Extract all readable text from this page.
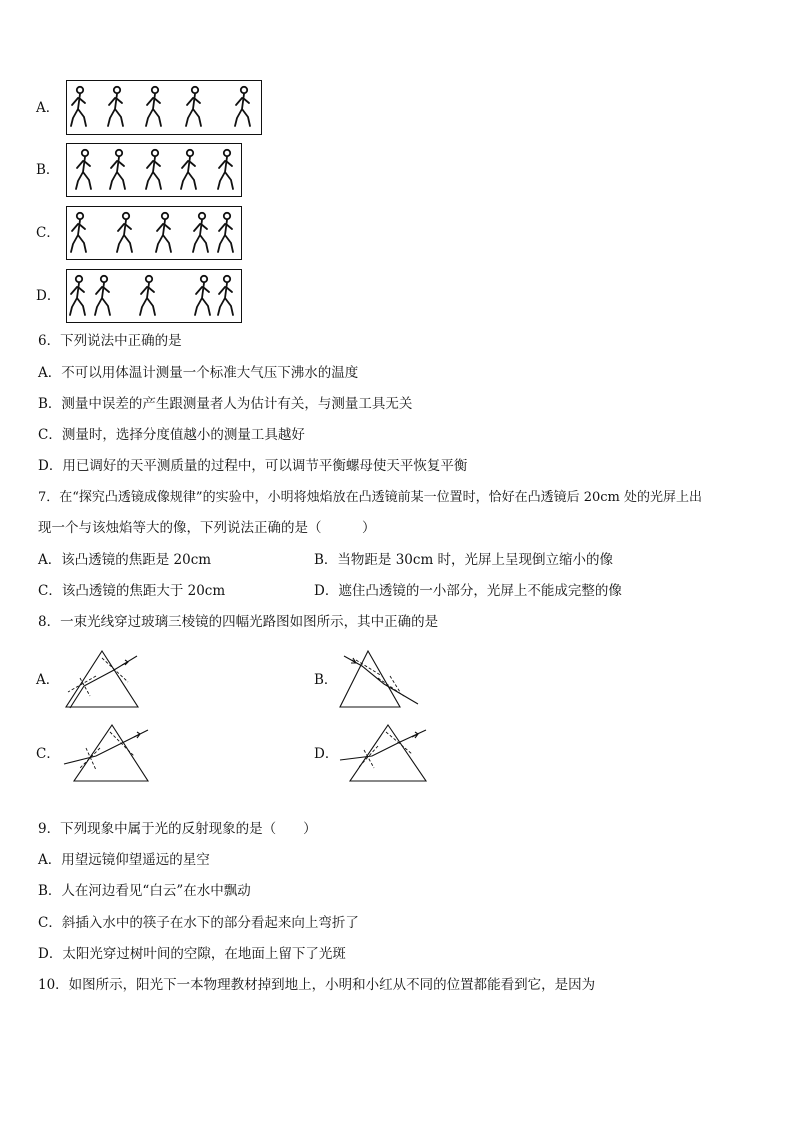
A．
B．
C．
D．
6．下列说法中正确的是
A．不可以用体温计测量一个标准大气压下沸水的温度
B．测量中误差的产生跟测量者人为估计有关，与测量工具无关
C．测量时，选择分度值越小的测量工具越好
D．用已调好的天平测质量的过程中，可以调节平衡螺母使天平恢复平衡
7．在“探究凸透镜成像规律”的实验中，小明将烛焰放在凸透镜前某一位置时，恰好在凸透镜后 20cm 处的光屏上出
现一个与该烛焰等大的像，下列说法正确的是（　　　）
A．该凸透镜的焦距是 20cm	B．当物距是 30cm 时，光屏上呈现倒立缩小的像
C．该凸透镜的焦距大于 20cm	D．遮住凸透镜的一小部分，光屏上不能成完整的像
8．一束光线穿过玻璃三棱镜的四幅光路图如图所示，其中正确的是
A．	B．
C．	D．
9．下列现象中属于光的反射现象的是（　　）
A．用望远镜仰望遥远的星空
B．人在河边看见“白云”在水中飘动
C．斜插入水中的筷子在水下的部分看起来向上弯折了
D．太阳光穿过树叶间的空隙，在地面上留下了光斑
10．如图所示，阳光下一本物理教材掉到地上，小明和小红从不同的位置都能看到它，是因为
